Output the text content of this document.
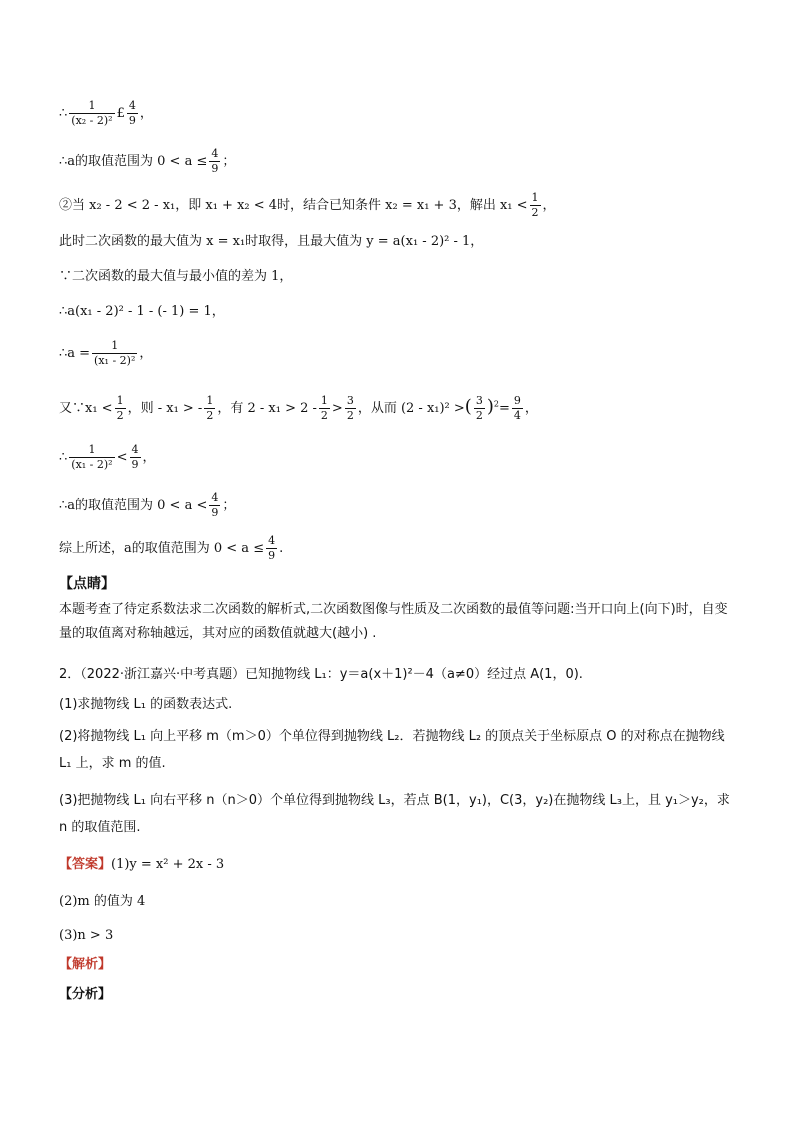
∴ $\frac{1}{\text{(x₂ - 2)²}}$ £ $\frac{4}{9}$ ，
∴a的取值范围为 $0 < a \le \frac{4}{9}$ ；
②当 x₂ - 2 < 2 - x₁，即 x₁ + x₂ < 4时，结合已知条件 x₂ = x₁ + 3，解出 $x_1 < \frac{1}{2}$ ，
此时二次函数的最大值为 x = x₁时取得，且最大值为 y = a(x₁ - 2)² - 1，
∵二次函数的最大值与最小值的差为 1，
∴a(x₁ - 2)² - 1 - (- 1) = 1，
∴a = $\frac{1}{\text{(x₁ - 2)²}}$ ，
又∵x₁ < $\frac{1}{2}$ ，则 - x₁ > - $\frac{1}{2}$ ，有 $2 - x_1 > 2 - \frac{1}{2} > \frac{3}{2}$ ，从而 (2 - x₁)² >( $\frac{3}{2} )^2= \frac{9}{4}$ ，
∴ $\frac{1}{\text{(x₁ - 2)²}} < \frac{4}{9}$ ，
∴a的取值范围为 $0 < a < \frac{4}{9}$ ；
综上所述，a的取值范围为 $0 < a \le \frac{4}{9}$ .
【点睛】
本题考查了待定系数法求二次函数的解析式,二次函数图像与性质及二次函数的最值等问题:当开口向上(向下)时，自变量的取值离对称轴越远，其对应的函数值就越大(越小) .
2．（2022·浙江嘉兴·中考真题）已知抛物线 L₁：y＝a(x＋1)²－4（a≠0）经过点 A(1，0).
(1)求抛物线 L₁ 的函数表达式.
(2)将抛物线 L₁ 向上平移 m（m＞0）个单位得到抛物线 L₂．若抛物线 L₂ 的顶点关于坐标原点 O 的对称点在抛物线 L₁ 上，求 m 的值.
(3)把抛物线 L₁ 向右平移 n（n＞0）个单位得到抛物线 L₃，若点 B(1，y₁)，C(3，y₂)在抛物线 L₃上，且 y₁＞y₂，求 n 的取值范围.
【答案】(1)y = x² + 2x - 3
(2)m 的值为 4
(3)n > 3
【解析】
【分析】
